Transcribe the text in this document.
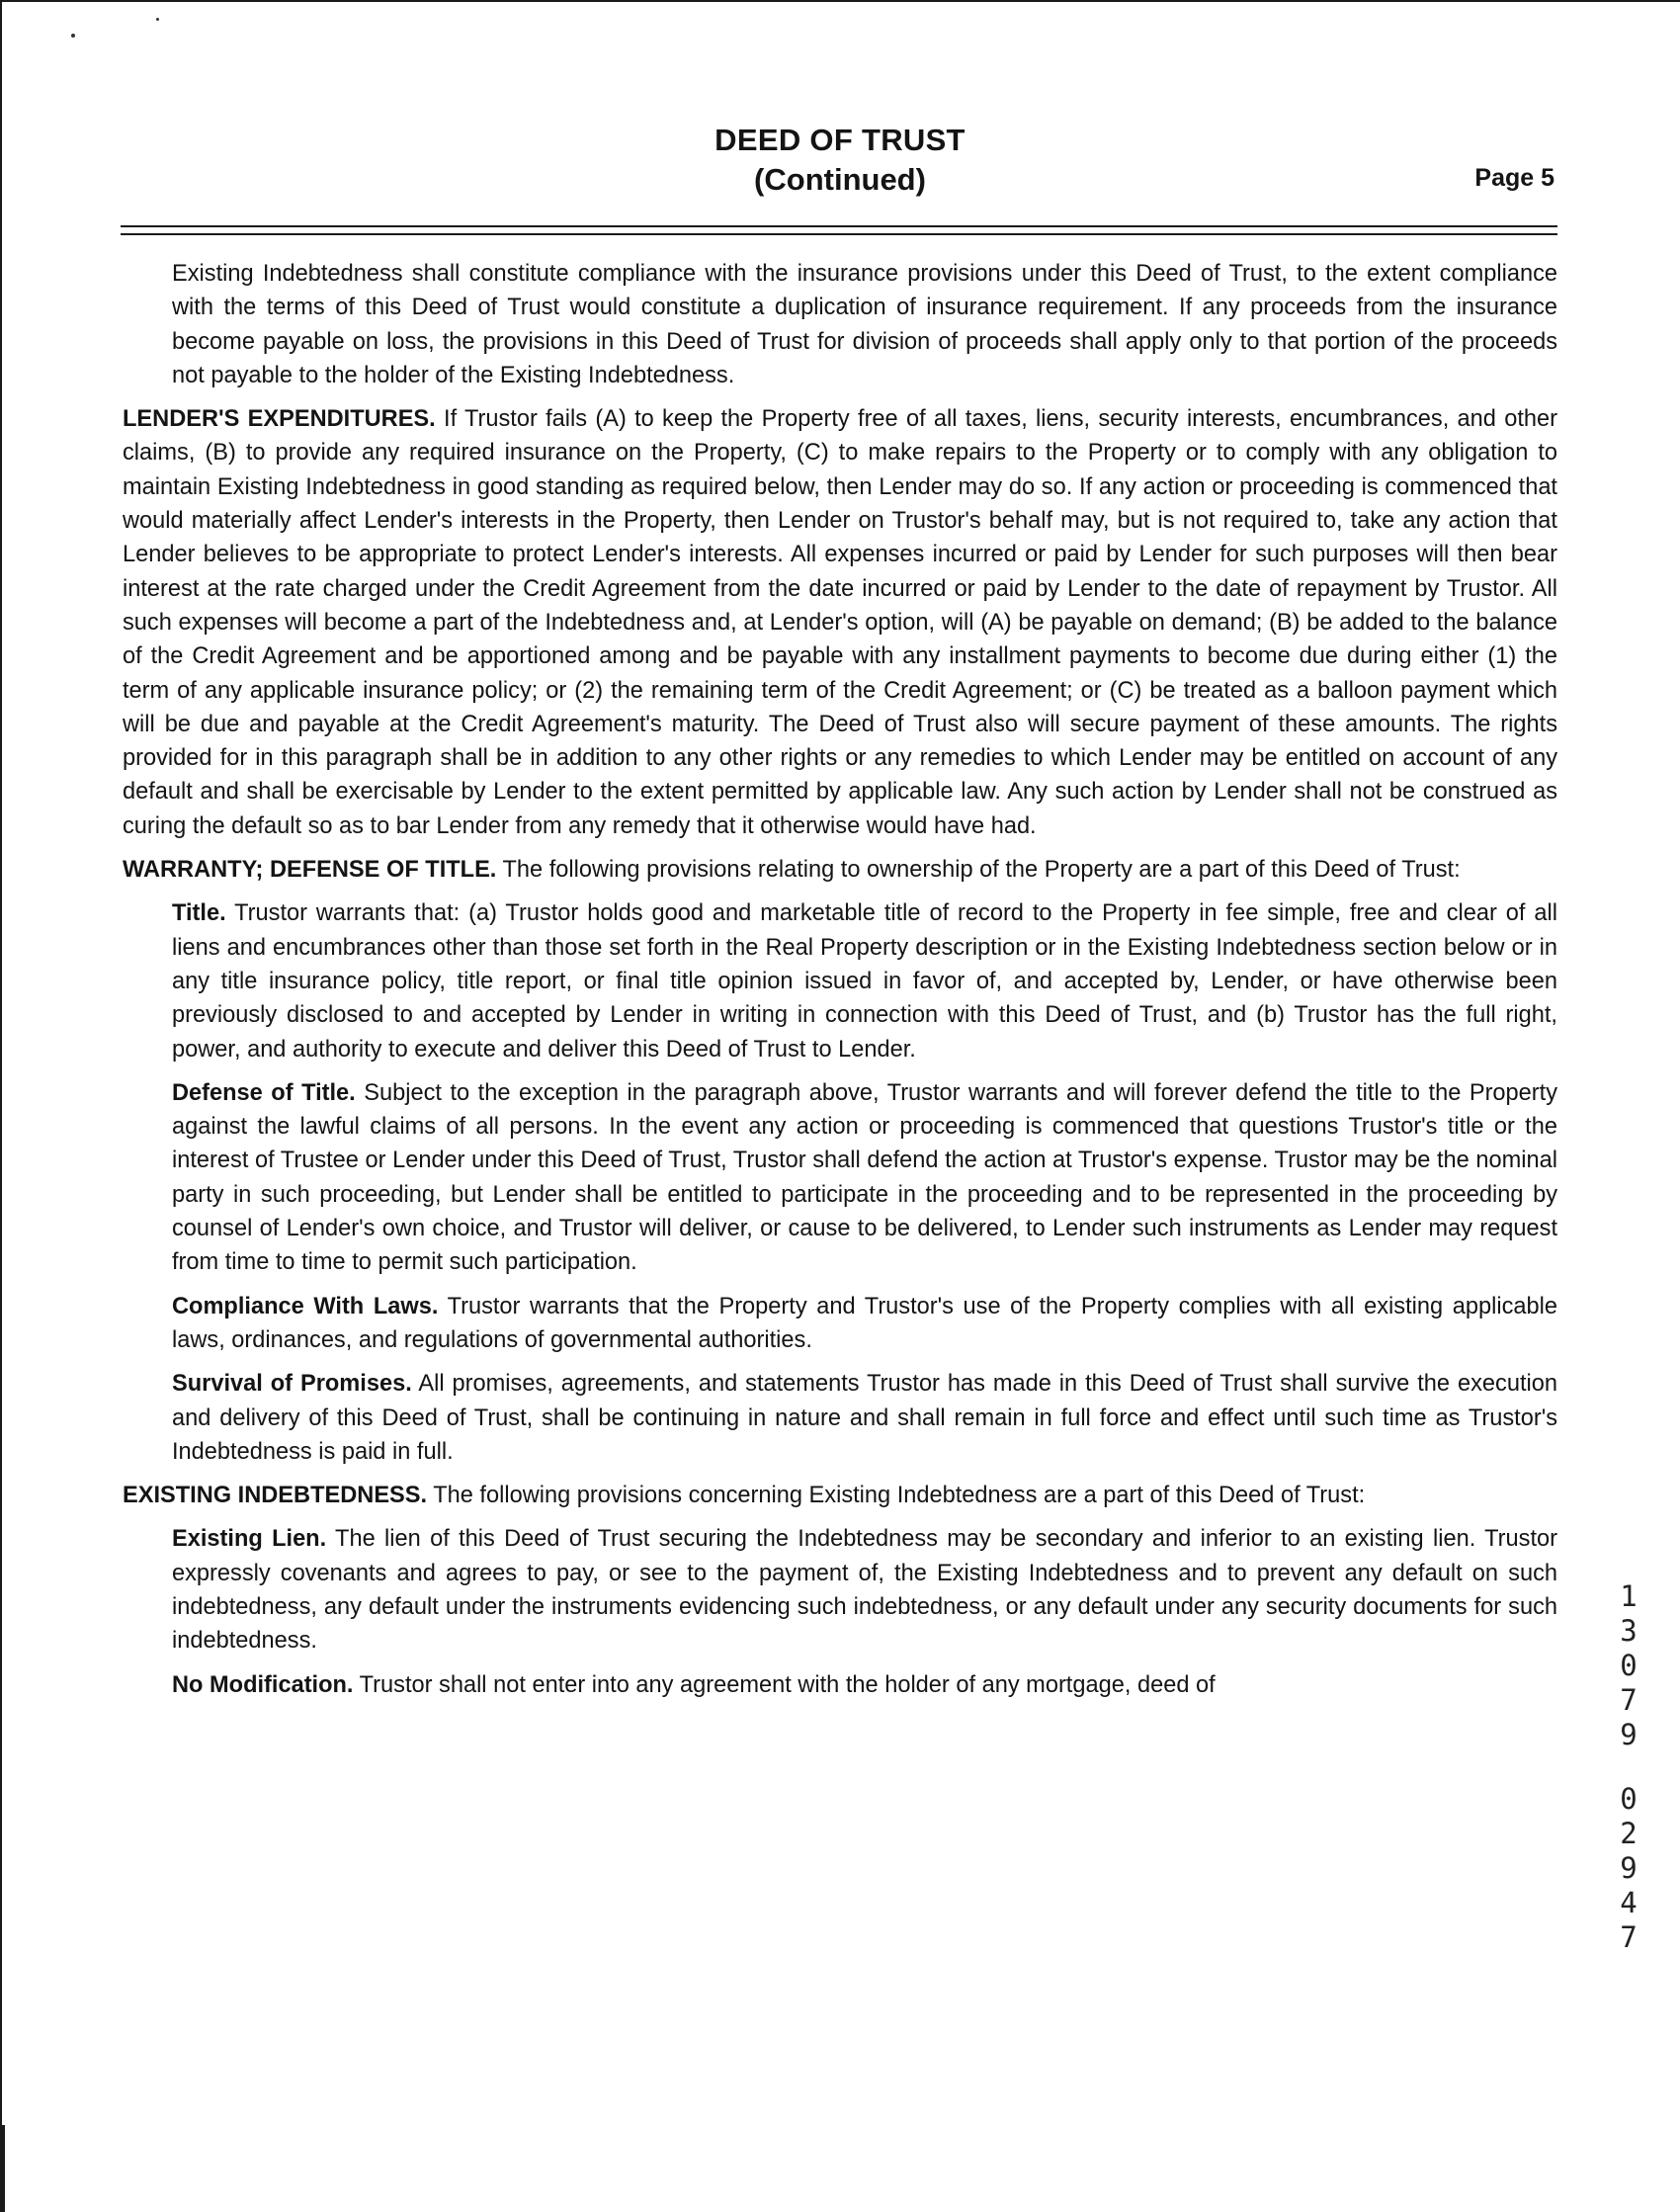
DEED OF TRUST
(Continued)	Page 5

Existing Indebtedness shall constitute compliance with the insurance provisions under this Deed of Trust, to the extent compliance with the terms of this Deed of Trust would constitute a duplication of insurance requirement. If any proceeds from the insurance become payable on loss, the provisions in this Deed of Trust for division of proceeds shall apply only to that portion of the proceeds not payable to the holder of the Existing Indebtedness.

LENDER'S EXPENDITURES. If Trustor fails (A) to keep the Property free of all taxes, liens, security interests, encumbrances, and other claims, (B) to provide any required insurance on the Property, (C) to make repairs to the Property or to comply with any obligation to maintain Existing Indebtedness in good standing as required below, then Lender may do so. If any action or proceeding is commenced that would materially affect Lender's interests in the Property, then Lender on Trustor's behalf may, but is not required to, take any action that Lender believes to be appropriate to protect Lender's interests. All expenses incurred or paid by Lender for such purposes will then bear interest at the rate charged under the Credit Agreement from the date incurred or paid by Lender to the date of repayment by Trustor. All such expenses will become a part of the Indebtedness and, at Lender's option, will (A) be payable on demand; (B) be added to the balance of the Credit Agreement and be apportioned among and be payable with any installment payments to become due during either (1) the term of any applicable insurance policy; or (2) the remaining term of the Credit Agreement; or (C) be treated as a balloon payment which will be due and payable at the Credit Agreement's maturity. The Deed of Trust also will secure payment of these amounts. The rights provided for in this paragraph shall be in addition to any other rights or any remedies to which Lender may be entitled on account of any default and shall be exercisable by Lender to the extent permitted by applicable law. Any such action by Lender shall not be construed as curing the default so as to bar Lender from any remedy that it otherwise would have had.

WARRANTY; DEFENSE OF TITLE. The following provisions relating to ownership of the Property are a part of this Deed of Trust:

Title. Trustor warrants that: (a) Trustor holds good and marketable title of record to the Property in fee simple, free and clear of all liens and encumbrances other than those set forth in the Real Property description or in the Existing Indebtedness section below or in any title insurance policy, title report, or final title opinion issued in favor of, and accepted by, Lender, or have otherwise been previously disclosed to and accepted by Lender in writing in connection with this Deed of Trust, and (b) Trustor has the full right, power, and authority to execute and deliver this Deed of Trust to Lender.

Defense of Title. Subject to the exception in the paragraph above, Trustor warrants and will forever defend the title to the Property against the lawful claims of all persons. In the event any action or proceeding is commenced that questions Trustor's title or the interest of Trustee or Lender under this Deed of Trust, Trustor shall defend the action at Trustor's expense. Trustor may be the nominal party in such proceeding, but Lender shall be entitled to participate in the proceeding and to be represented in the proceeding by counsel of Lender's own choice, and Trustor will deliver, or cause to be delivered, to Lender such instruments as Lender may request from time to time to permit such participation.

Compliance With Laws. Trustor warrants that the Property and Trustor's use of the Property complies with all existing applicable laws, ordinances, and regulations of governmental authorities.

Survival of Promises. All promises, agreements, and statements Trustor has made in this Deed of Trust shall survive the execution and delivery of this Deed of Trust, shall be continuing in nature and shall remain in full force and effect until such time as Trustor's Indebtedness is paid in full.

EXISTING INDEBTEDNESS. The following provisions concerning Existing Indebtedness are a part of this Deed of Trust:

Existing Lien. The lien of this Deed of Trust securing the Indebtedness may be secondary and inferior to an existing lien. Trustor expressly covenants and agrees to pay, or see to the payment of, the Existing Indebtedness and to prevent any default on such indebtedness, any default under the instruments evidencing such indebtedness, or any default under any security documents for such indebtedness.

No Modification. Trustor shall not enter into any agreement with the holder of any mortgage, deed of

1
3
0
7
9
0
2
9
4
7
